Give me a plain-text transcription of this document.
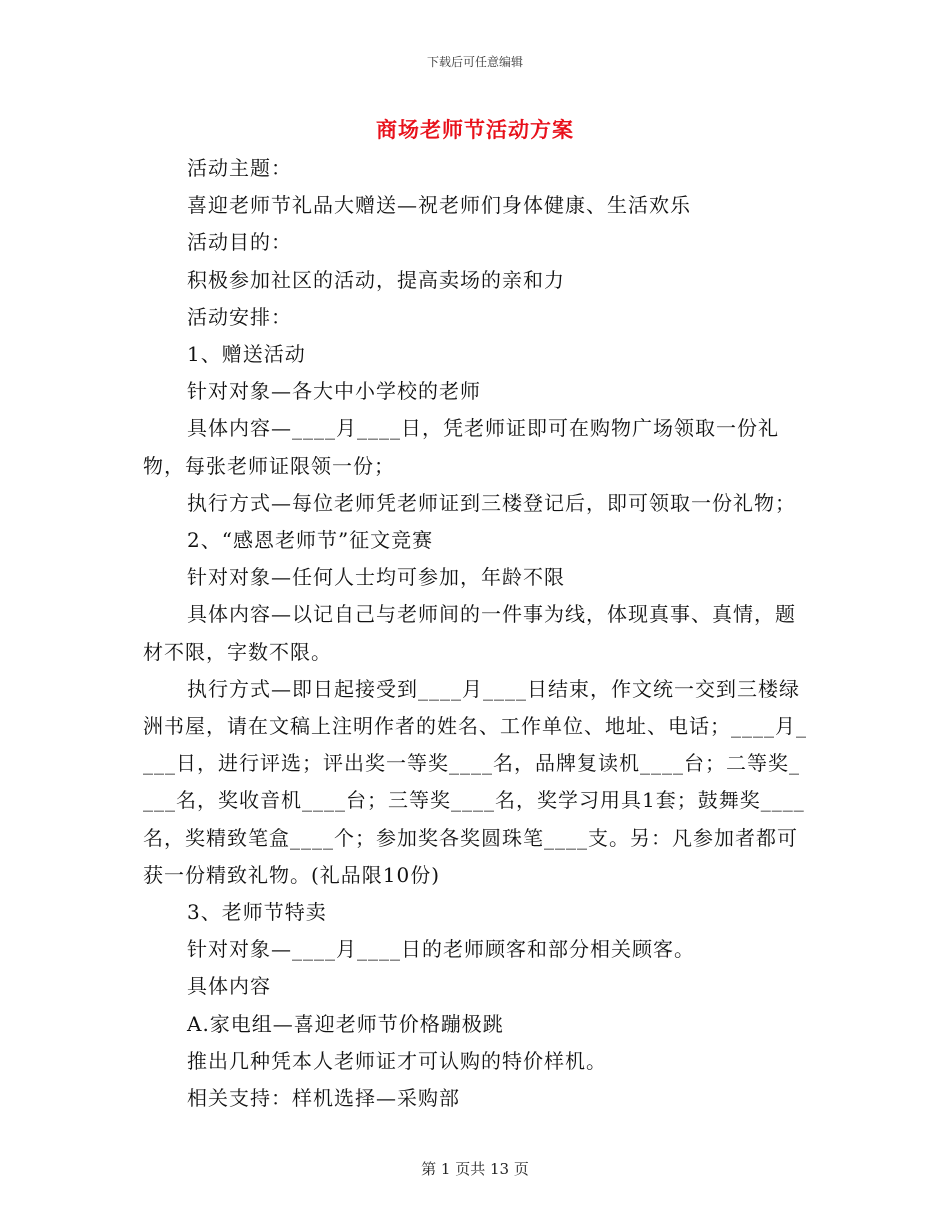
下载后可任意编辑
商场老师节活动方案

活动主题：

喜迎老师节礼品大赠送—祝老师们身体健康、生活欢乐

活动目的：

积极参加社区的活动，提高卖场的亲和力

活动安排：

1、赠送活动

针对对象—各大中小学校的老师

具体内容—____月____日，凭老师证即可在购物广场领取一份礼物，每张老师证限领一份；

执行方式—每位老师凭老师证到三楼登记后，即可领取一份礼物；

2、“感恩老师节”征文竞赛

针对对象—任何人士均可参加，年龄不限

具体内容—以记自己与老师间的一件事为线，体现真事、真情，题材不限，字数不限。

执行方式—即日起接受到____月____日结束，作文统一交到三楼绿洲书屋，请在文稿上注明作者的姓名、工作单位、地址、电话；____月____日，进行评选；评出奖一等奖____名，品牌复读机____台；二等奖____名，奖收音机____台；三等奖____名，奖学习用具1套；鼓舞奖____名，奖精致笔盒____个；参加奖各奖圆珠笔____支。另：凡参加者都可获一份精致礼物。(礼品限10份)

3、老师节特卖

针对对象—____月____日的老师顾客和部分相关顾客。

具体内容

A.家电组—喜迎老师节价格蹦极跳

推出几种凭本人老师证才可认购的特价样机。

相关支持：样机选择—采购部

第 1 页共 13 页
